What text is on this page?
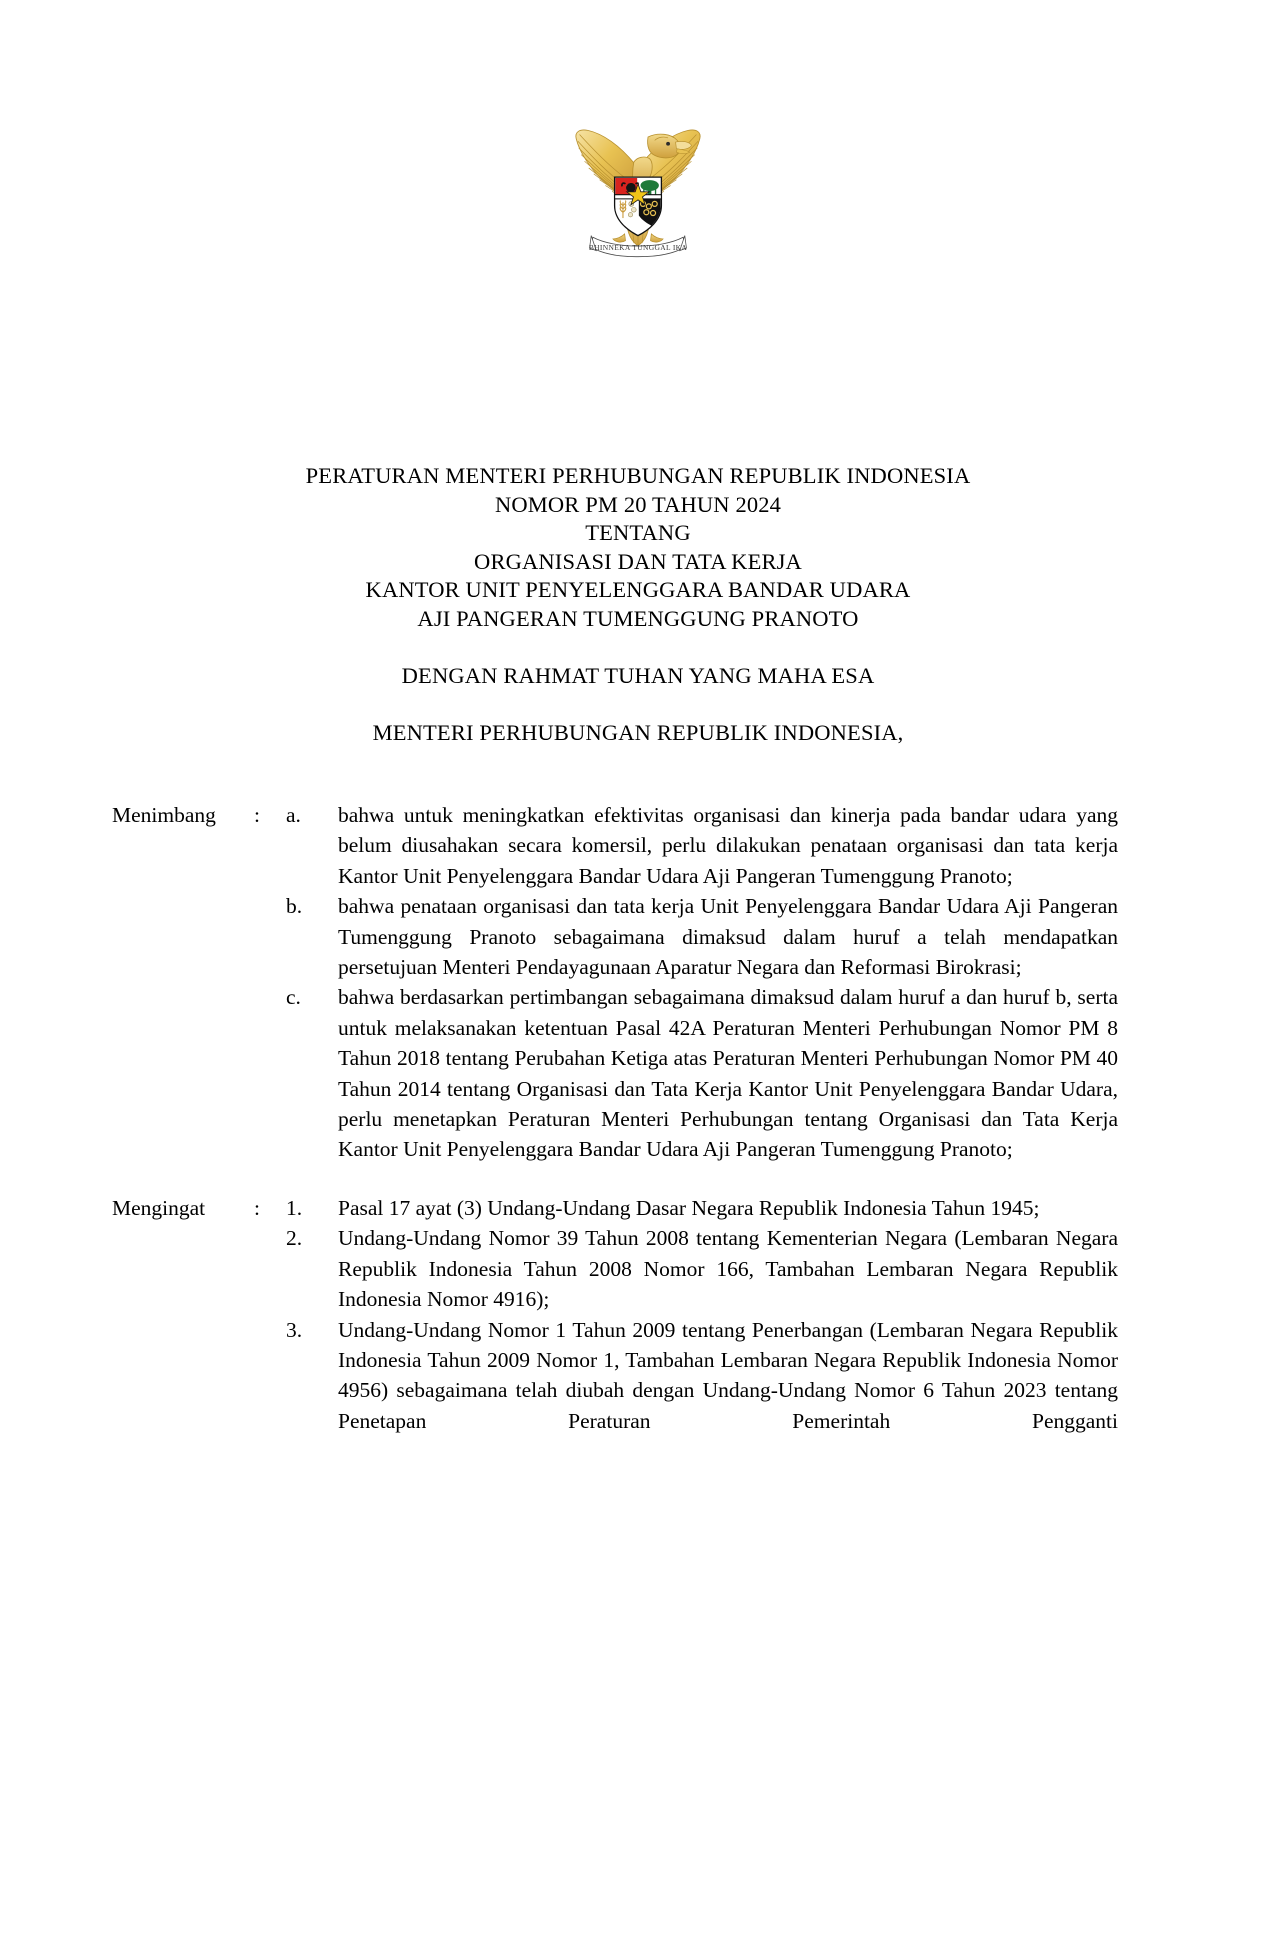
BHINNEKA TUNGGAL IKA
PERATURAN MENTERI PERHUBUNGAN REPUBLIK INDONESIA
NOMOR PM 20 TAHUN 2024
TENTANG
ORGANISASI DAN TATA KERJA
KANTOR UNIT PENYELENGGARA BANDAR UDARA
AJI PANGERAN TUMENGGUNG PRANOTO
DENGAN RAHMAT TUHAN YANG MAHA ESA
MENTERI PERHUBUNGAN REPUBLIK INDONESIA,
Menimbang	:	a.	bahwa untuk meningkatkan efektivitas organisasi dan kinerja pada bandar udara yang belum diusahakan secara komersil, perlu dilakukan penataan organisasi dan tata kerja Kantor Unit Penyelenggara Bandar Udara Aji Pangeran Tumenggung Pranoto;
b.	bahwa penataan organisasi dan tata kerja Unit Penyelenggara Bandar Udara Aji Pangeran Tumenggung Pranoto sebagaimana dimaksud dalam huruf a telah mendapatkan persetujuan Menteri Pendayagunaan Aparatur Negara dan Reformasi Birokrasi;
c.	bahwa berdasarkan pertimbangan sebagaimana dimaksud dalam huruf a dan huruf b, serta untuk melaksanakan ketentuan Pasal 42A Peraturan Menteri Perhubungan Nomor PM 8 Tahun 2018 tentang Perubahan Ketiga atas Peraturan Menteri Perhubungan Nomor PM 40 Tahun 2014 tentang Organisasi dan Tata Kerja Kantor Unit Penyelenggara Bandar Udara, perlu menetapkan Peraturan Menteri Perhubungan tentang Organisasi dan Tata Kerja Kantor Unit Penyelenggara Bandar Udara Aji Pangeran Tumenggung Pranoto;
Mengingat	:	1.	Pasal 17 ayat (3) Undang-Undang Dasar Negara Republik Indonesia Tahun 1945;
2.	Undang-Undang Nomor 39 Tahun 2008 tentang Kementerian Negara (Lembaran Negara Republik Indonesia Tahun 2008 Nomor 166, Tambahan Lembaran Negara Republik Indonesia Nomor 4916);
3.	Undang-Undang Nomor 1 Tahun 2009 tentang Penerbangan (Lembaran Negara Republik Indonesia Tahun 2009 Nomor 1, Tambahan Lembaran Negara Republik Indonesia Nomor 4956) sebagaimana telah diubah dengan Undang-Undang Nomor 6 Tahun 2023 tentang Penetapan Peraturan Pemerintah Pengganti
